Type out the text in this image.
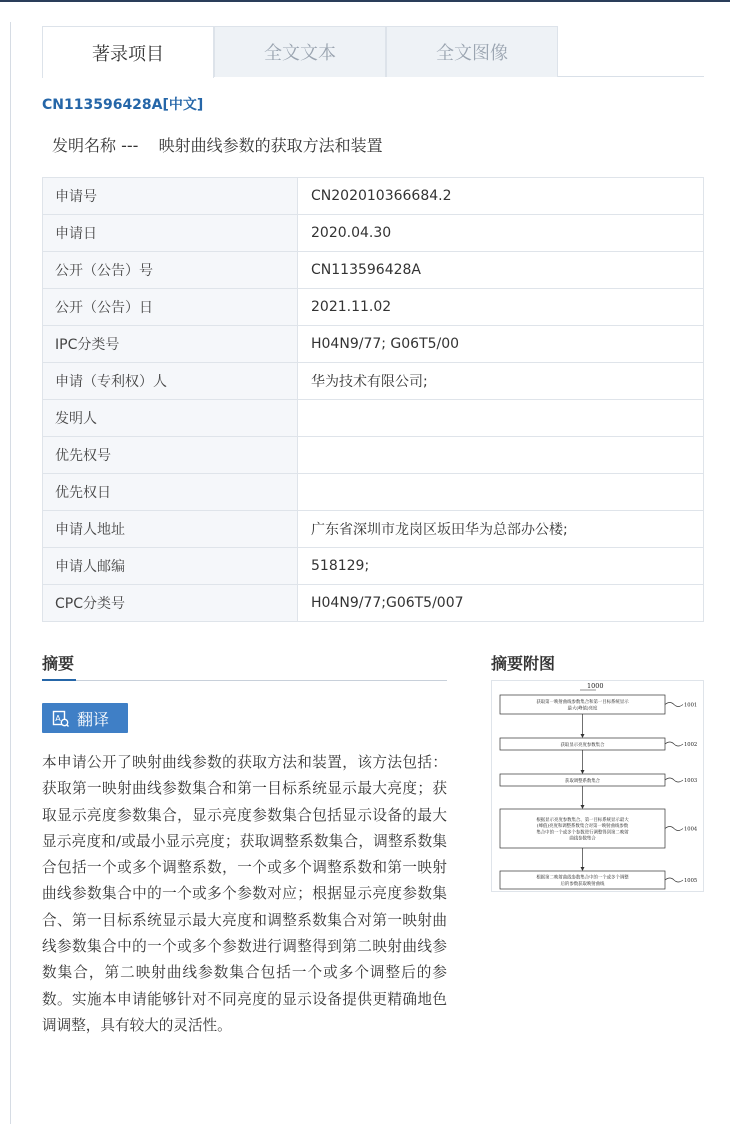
著录项目	全文文本	全文图像
CN113596428A[中文]
发明名称 --- 映射曲线参数的获取方法和装置
申请号	CN202010366684.2
申请日	2020.04.30
公开（公告）号	CN113596428A
公开（公告）日	2021.11.02
IPC分类号	H04N9/77; G06T5/00
申请（专利权）人	华为技术有限公司;
发明人	
优先权号	
优先权日	
申请人地址	广东省深圳市龙岗区坂田华为总部办公楼;
申请人邮编	518129;
CPC分类号	H04N9/77;G06T5/007
摘要	摘要附图
A 翻译
本申请公开了映射曲线参数的获取方法和装置，该方法包括：获取第一映射曲线参数集合和第一目标系统显示最大亮度；获取显示亮度参数集合，显示亮度参数集合包括显示设备的最大显示亮度和/或最小显示亮度；获取调整系数集合，调整系数集合包括一个或多个调整系数，一个或多个调整系数和第一映射曲线参数集合中的一个或多个参数对应；根据显示亮度参数集合、第一目标系统显示最大亮度和调整系数集合对第一映射曲线参数集合中的一个或多个参数进行调整得到第二映射曲线参数集合，第二映射曲线参数集合包括一个或多个调整后的参数。实施本申请能够针对不同亮度的显示设备提供更精确地色调调整，具有较大的灵活性。
1000
获取第一映射曲线参数集合和第一目标系统显示
最大(峰值)亮度
1001
获取显示亮度参数集合	1002
获取调整系数集合	1003
根据显示亮度参数集合、第一目标系统显示最大
(峰值)亮度和调整系数集合对第一映射曲线参数
集合中的一个或多个参数进行调整得到第二映射
曲线参数集合
1004
根据第二映射曲线参数集合中的一个或多个调整
后的参数获取映射曲线
1005
